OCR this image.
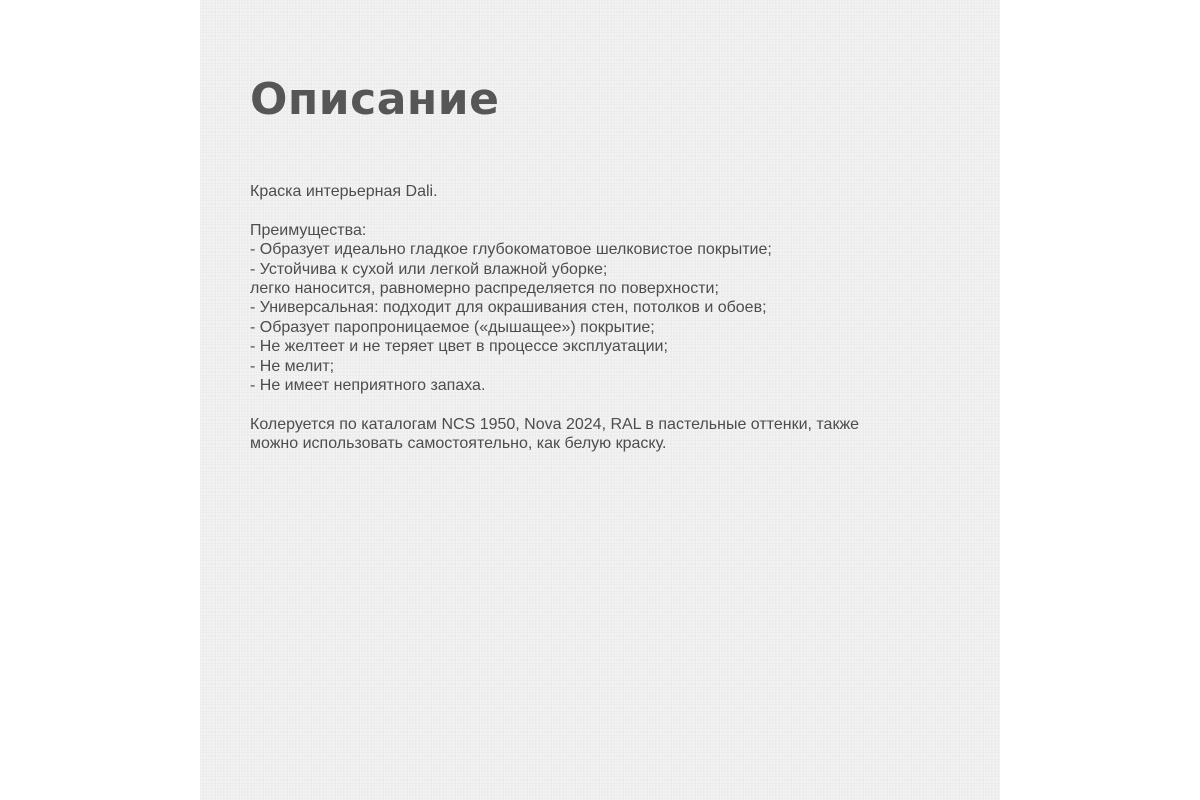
Описание
Краска интерьерная Dali.
Преимущества:
- Образует идеально гладкое глубокоматовое шелковистое покрытие;
- Устойчива к сухой или легкой влажной уборке;
легко наносится, равномерно распределяется по поверхности;
- Универсальная: подходит для окрашивания стен, потолков и обоев;
- Образует паропроницаемое («дышащее») покрытие;
- Не желтеет и не теряет цвет в процессе эксплуатации;
- Не мелит;
- Не имеет неприятного запаха.
Колеруется по каталогам NCS 1950, Nova 2024, RAL в пастельные оттенки, также
можно использовать самостоятельно, как белую краску.
